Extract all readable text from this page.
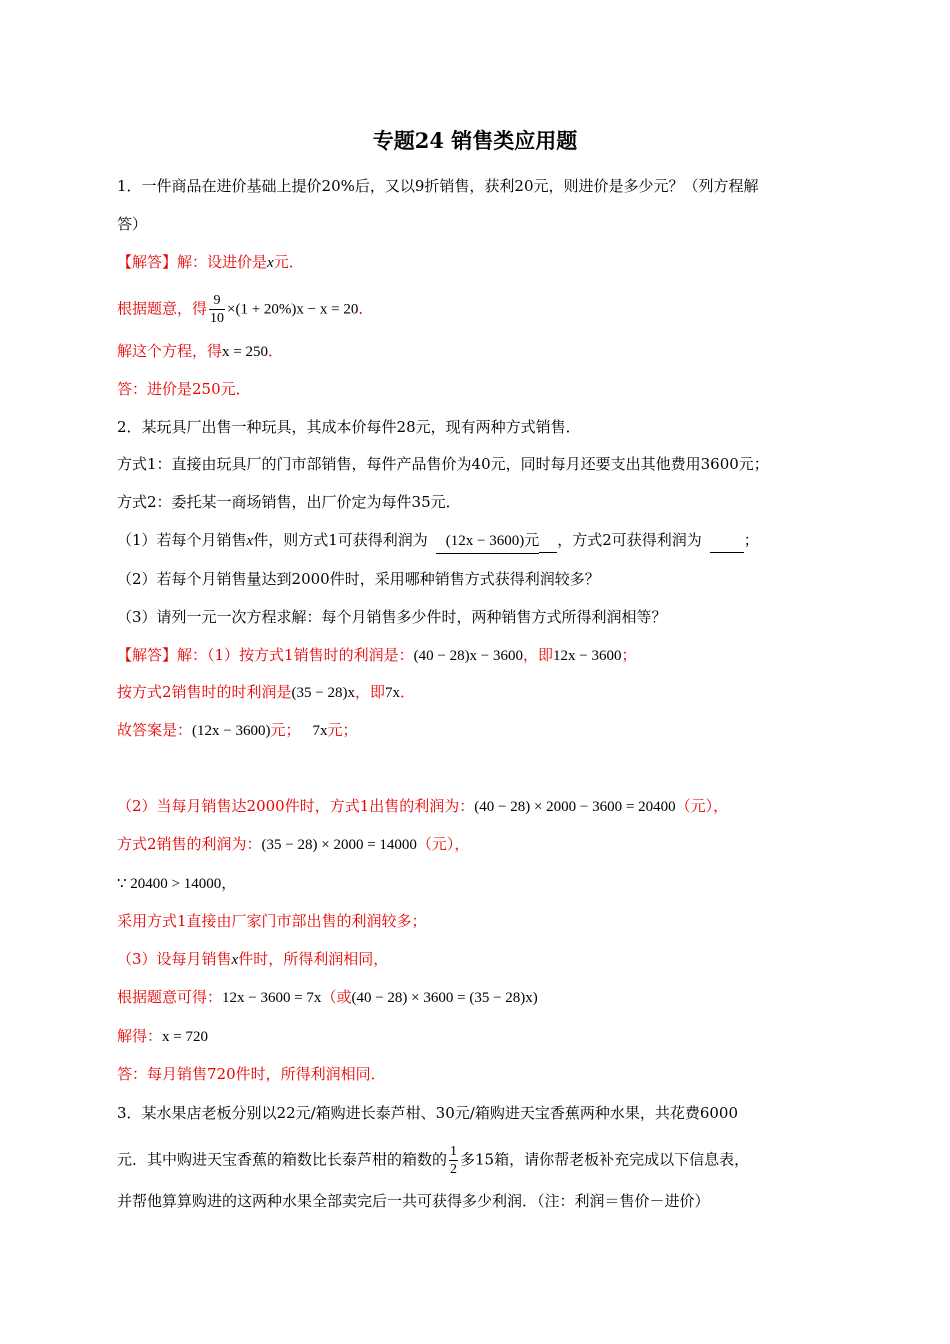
专题24 销售类应用题
1．一件商品在进价基础上提价20%后，又以9折销售，获利20元，则进价是多少元？（列方程解
答）
【解答】解：设进价是x元．
根据题意，得 $\frac{9}{10} \times(1 + 20\%)x - x = 20$．
解这个方程，得x = 250．
答：进价是250元．
2．某玩具厂出售一种玩具，其成本价每件28元，现有两种方式销售．
方式1：直接由玩具厂的门市部销售，每件产品售价为40元，同时每月还要支出其他费用3600元；
方式2：委托某一商场销售，出厂价定为每件35元．
（1）若每个月销售x件，则方式1可获得利润为 (12x − 3600)元 ，方式2可获得利润为	；
（2）若每个月销售量达到2000件时，采用哪种销售方式获得利润较多？
（3）请列一元一次方程求解：每个月销售多少件时，两种销售方式所得利润相等？
【解答】解：（1）按方式1销售时的利润是：(40 − 28)x − 3600，即12x − 3600；
按方式2销售时的时利润是(35 − 28)x，即7x．
故答案是：(12x − 3600)元； 7x元；
（2）当每月销售达2000件时，方式1出售的利润为：(40 − 28) × 2000 − 3600 = 20400（元），
方式2销售的利润为：(35 − 28) × 2000 = 14000（元），
∵ 20400 > 14000，
采用方式1直接由厂家门市部出售的利润较多；
（3）设每月销售x件时，所得利润相同，
根据题意可得：12x − 3600 = 7x（或(40 − 28) × 3600 = (35 − 28)x)
解得：x = 720
答：每月销售720件时，所得利润相同．
3．某水果店老板分别以22元/箱购进长泰芦柑、30元/箱购进天宝香蕉两种水果，共花费6000
元．其中购进天宝香蕉的箱数比长泰芦柑的箱数的 $\frac{1}{2}$ 多15箱，请你帮老板补充完成以下信息表，
并帮他算算购进的这两种水果全部卖完后一共可获得多少利润．（注：利润＝售价－进价）
